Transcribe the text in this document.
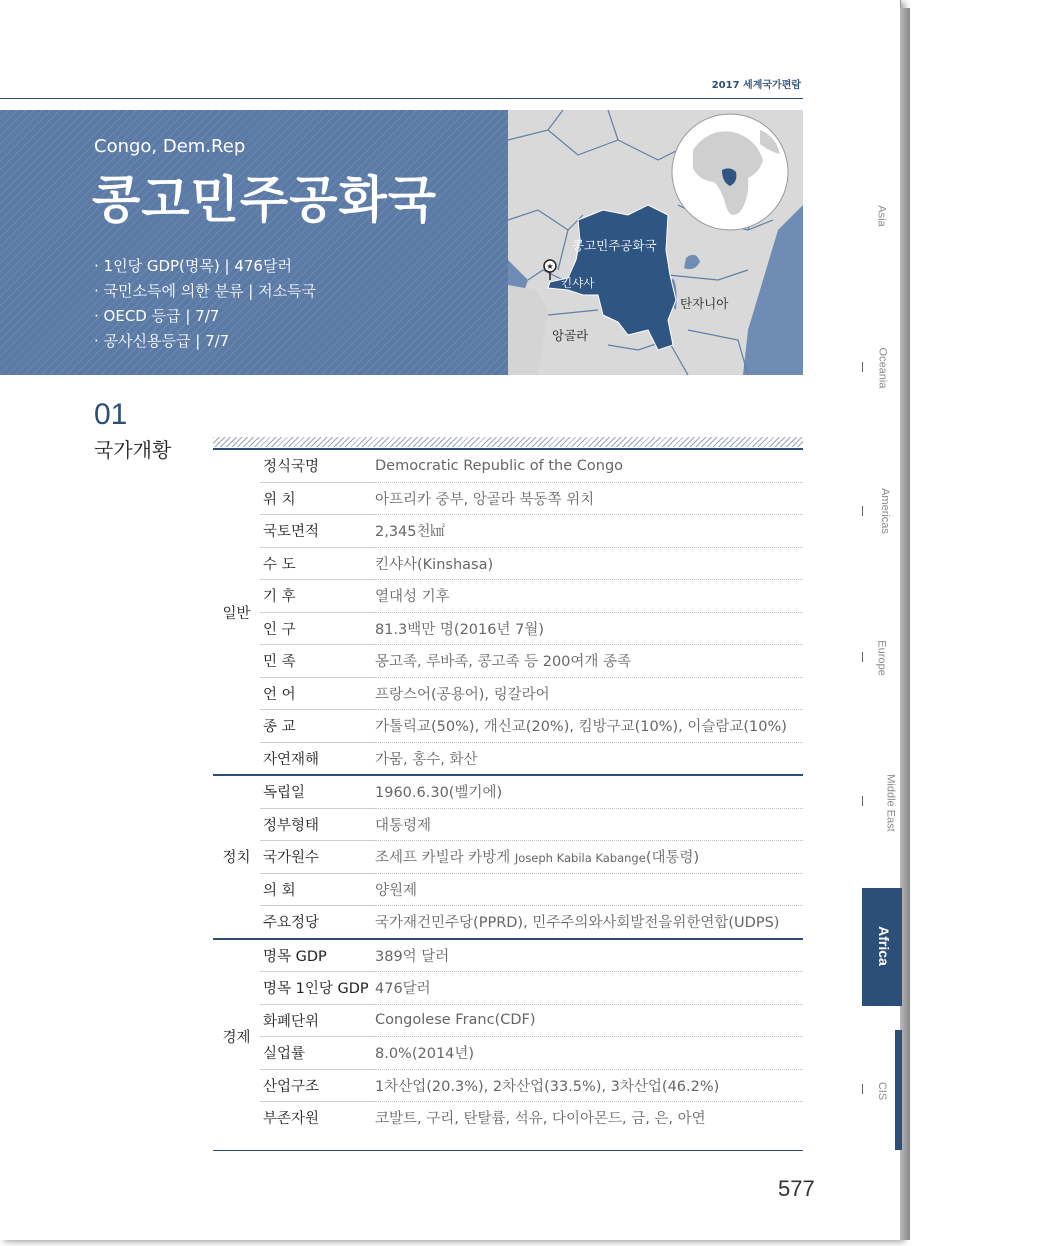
2017 세계국가편람
Congo, Dem.Rep
콩고민주공화국
· 1인당 GDP(명목) | 476달러
· 국민소득에 의한 분류 | 저소득국
· OECD 등급 | 7/7
· 공사신용등급 | 7/7
★
콩고민주공화국
킨샤사
탄자니아
앙골라
01
국가개황
일반	정식국명	Democratic Republic of the Congo
	위 치	아프리카 중부, 앙골라 북동쪽 위치
	국토면적	2,345천㎢
	수 도	킨샤사(Kinshasa)
	기 후	열대성 기후
	인 구	81.3백만 명(2016년 7월)
	민 족	몽고족, 루바족, 콩고족 등 200여개 종족
	언 어	프랑스어(공용어), 링갈라어
	종 교	가톨릭교(50%), 개신교(20%), 킴방구교(10%), 이슬람교(10%)
	자연재해	가뭄, 홍수, 화산
정치	독립일	1960.6.30(벨기에)
	정부형태	대통령제
	국가원수	조세프 카빌라 카방게 Joseph Kabila Kabange(대통령)
	의 회	양원제
	주요정당	국가재건민주당(PPRD), 민주주의와사회발전을위한연합(UDPS)
경제	명목 GDP	389억 달러
	명목 1인당 GDP	476달러
	화폐단위	Congolese Franc(CDF)
	실업률	8.0%(2014년)
	산업구조	1차산업(20.3%), 2차산업(33.5%), 3차산업(46.2%)
	부존자원	코발트, 구리, 탄탈륨, 석유, 다이아몬드, 금, 은, 아연
Asia
Oceania
Americas
Europe
Middle East
Africa
CIS
577
